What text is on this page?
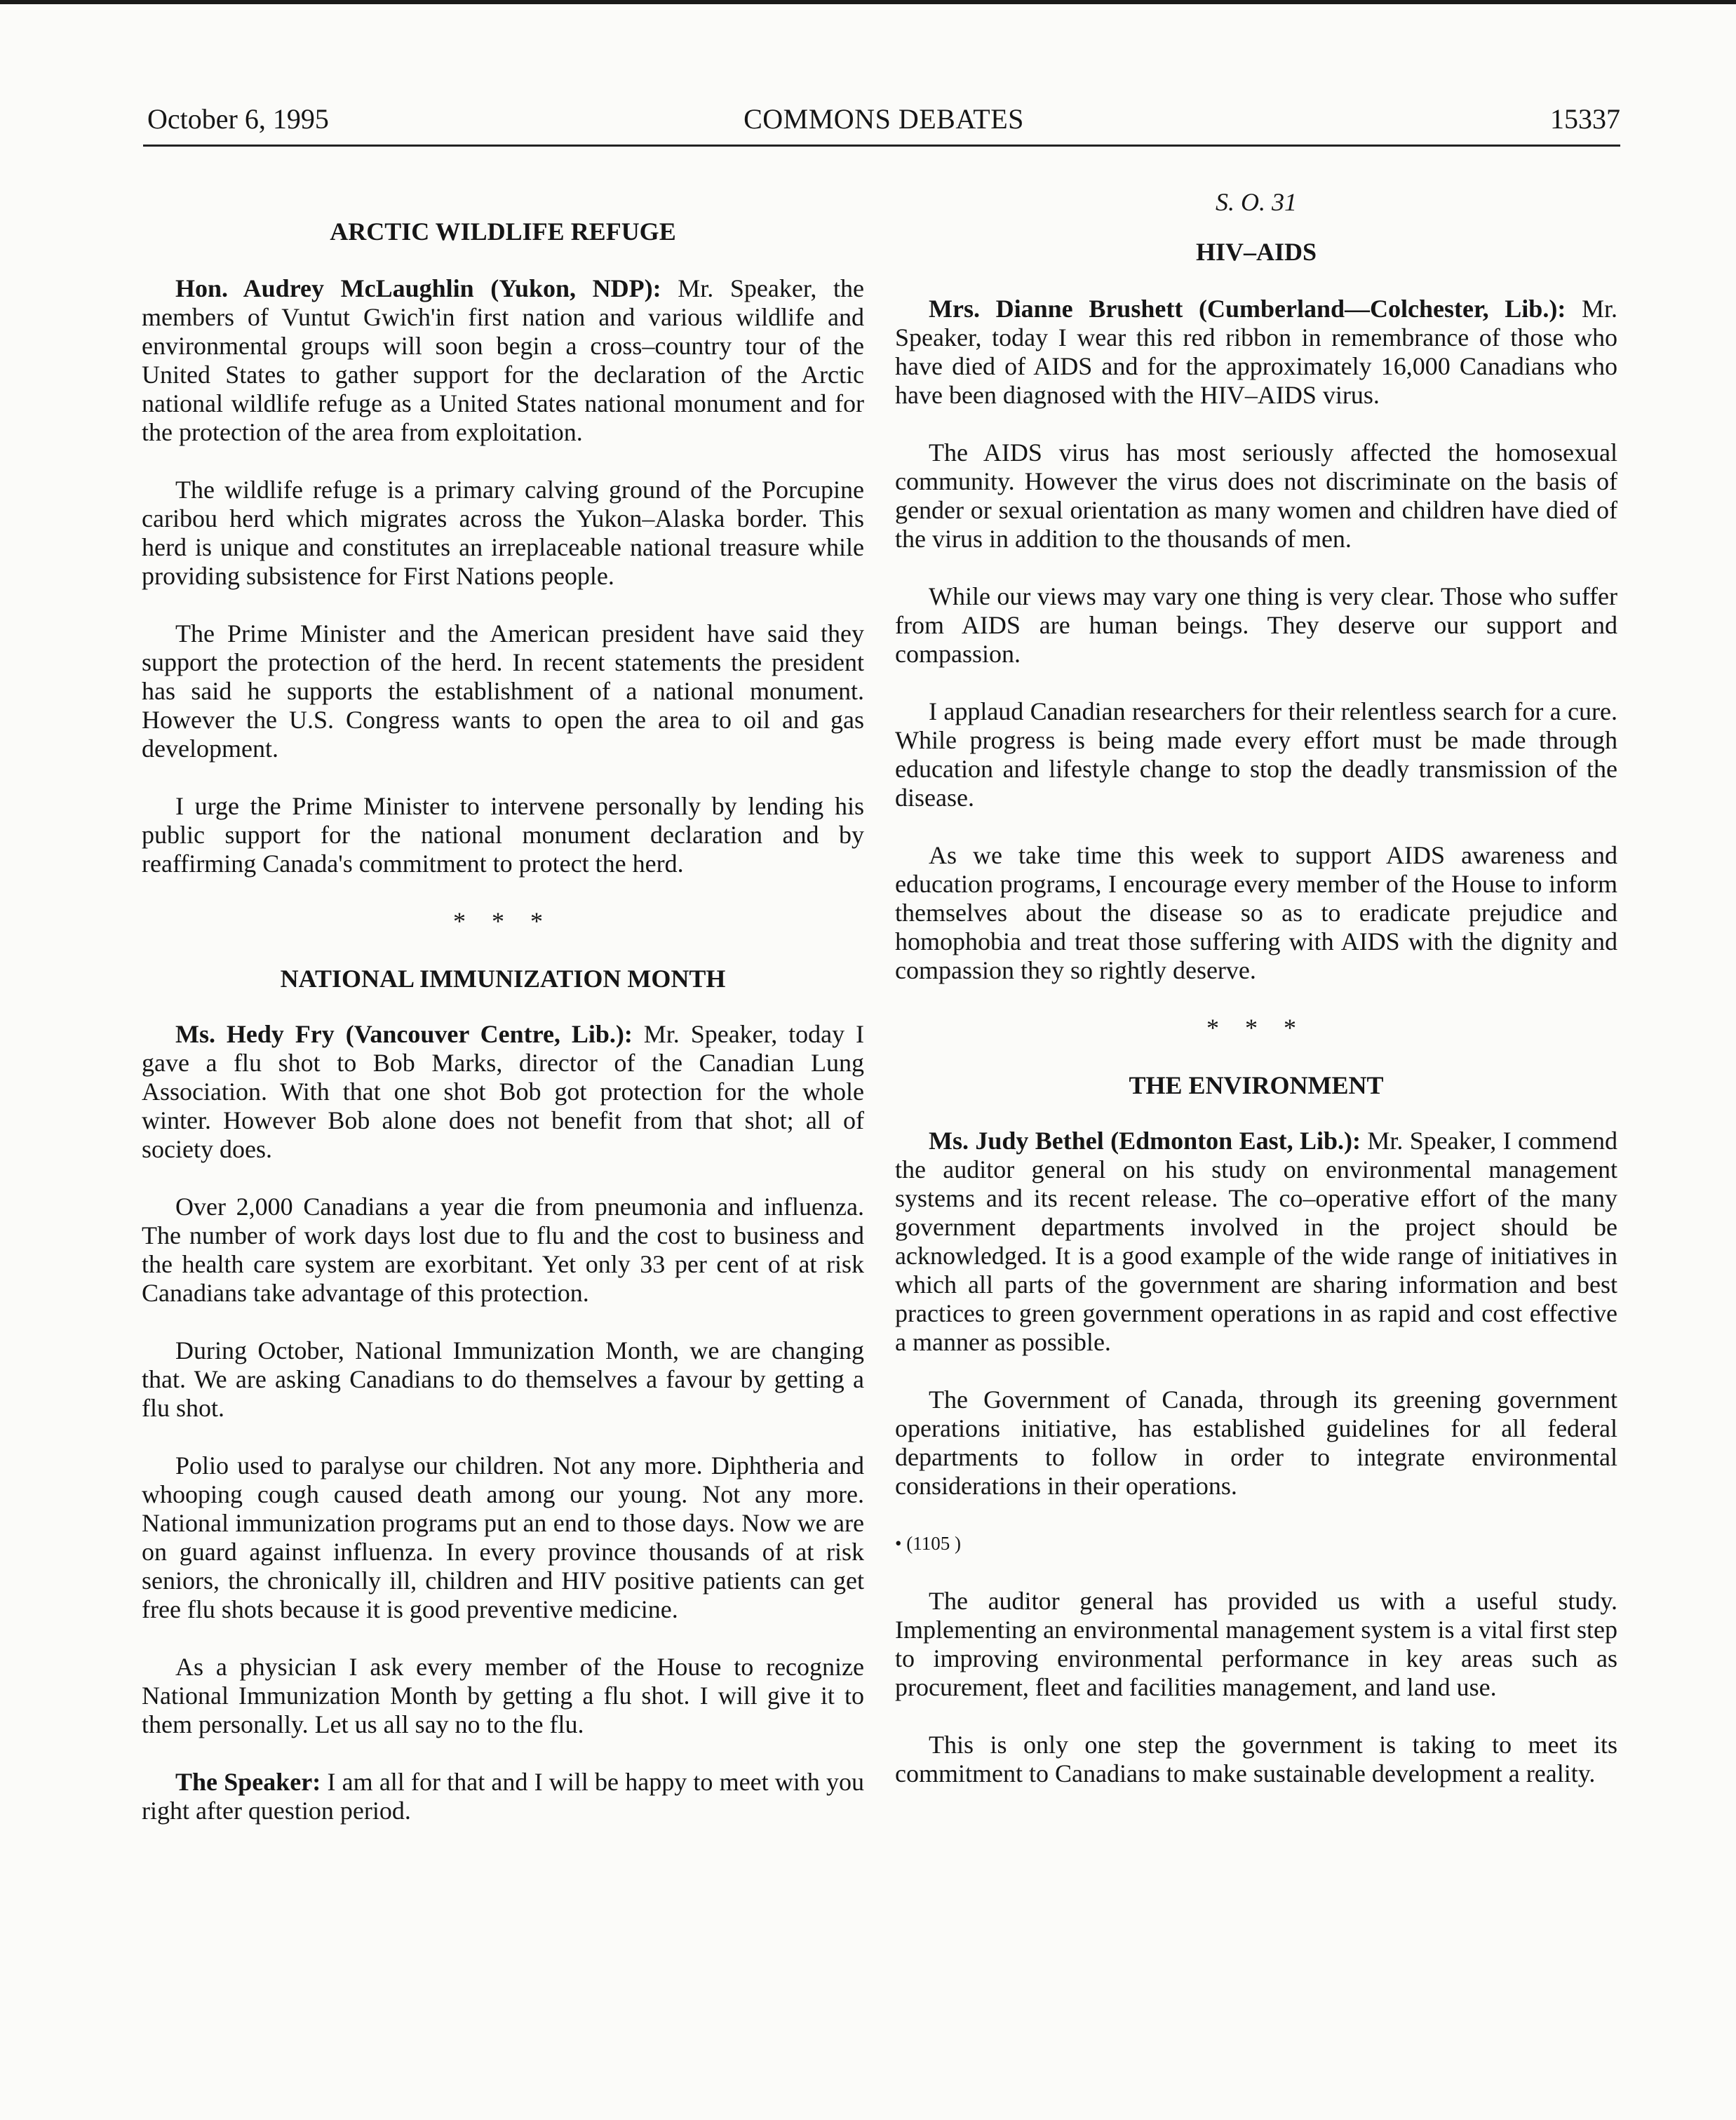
October 6, 1995	COMMONS DEBATES	15337
ARCTIC WILDLIFE REFUGE

Hon. Audrey McLaughlin (Yukon, NDP): Mr. Speaker, the members of Vuntut Gwich'in first nation and various wildlife and environmental groups will soon begin a cross–country tour of the United States to gather support for the declaration of the Arctic national wildlife refuge as a United States national monument and for the protection of the area from exploitation.

The wildlife refuge is a primary calving ground of the Porcupine caribou herd which migrates across the Yukon–Alaska border. This herd is unique and constitutes an irreplaceable national treasure while providing subsistence for First Nations people.

The Prime Minister and the American president have said they support the protection of the herd. In recent statements the president has said he supports the establishment of a national monument. However the U.S. Congress wants to open the area to oil and gas development.

I urge the Prime Minister to intervene personally by lending his public support for the national monument declaration and by reaffirming Canada's commitment to protect the herd.

* * *
NATIONAL IMMUNIZATION MONTH

Ms. Hedy Fry (Vancouver Centre, Lib.): Mr. Speaker, today I gave a flu shot to Bob Marks, director of the Canadian Lung Association. With that one shot Bob got protection for the whole winter. However Bob alone does not benefit from that shot; all of society does.

Over 2,000 Canadians a year die from pneumonia and influenza. The number of work days lost due to flu and the cost to business and the health care system are exorbitant. Yet only 33 per cent of at risk Canadians take advantage of this protection.

During October, National Immunization Month, we are changing that. We are asking Canadians to do themselves a favour by getting a flu shot.

Polio used to paralyse our children. Not any more. Diphtheria and whooping cough caused death among our young. Not any more. National immunization programs put an end to those days. Now we are on guard against influenza. In every province thousands of at risk seniors, the chronically ill, children and HIV positive patients can get free flu shots because it is good preventive medicine.

As a physician I ask every member of the House to recognize National Immunization Month by getting a flu shot. I will give it to them personally. Let us all say no to the flu.

The Speaker: I am all for that and I will be happy to meet with you right after question period.

S. O. 31
HIV–AIDS

Mrs. Dianne Brushett (Cumberland—Colchester, Lib.): Mr. Speaker, today I wear this red ribbon in remembrance of those who have died of AIDS and for the approximately 16,000 Canadians who have been diagnosed with the HIV–AIDS virus.

The AIDS virus has most seriously affected the homosexual community. However the virus does not discriminate on the basis of gender or sexual orientation as many women and children have died of the virus in addition to the thousands of men.

While our views may vary one thing is very clear. Those who suffer from AIDS are human beings. They deserve our support and compassion.

I applaud Canadian researchers for their relentless search for a cure. While progress is being made every effort must be made through education and lifestyle change to stop the deadly transmission of the disease.

As we take time this week to support AIDS awareness and education programs, I encourage every member of the House to inform themselves about the disease so as to eradicate prejudice and homophobia and treat those suffering with AIDS with the dignity and compassion they so rightly deserve.

* * *
THE ENVIRONMENT

Ms. Judy Bethel (Edmonton East, Lib.): Mr. Speaker, I commend the auditor general on his study on environmental management systems and its recent release. The co–operative effort of the many government departments involved in the project should be acknowledged. It is a good example of the wide range of initiatives in which all parts of the government are sharing information and best practices to green government operations in as rapid and cost effective a manner as possible.

The Government of Canada, through its greening government operations initiative, has established guidelines for all federal departments to follow in order to integrate environmental considerations in their operations.

• (1105 )

The auditor general has provided us with a useful study. Implementing an environmental management system is a vital first step to improving environmental performance in key areas such as procurement, fleet and facilities management, and land use.

This is only one step the government is taking to meet its commitment to Canadians to make sustainable development a reality.
